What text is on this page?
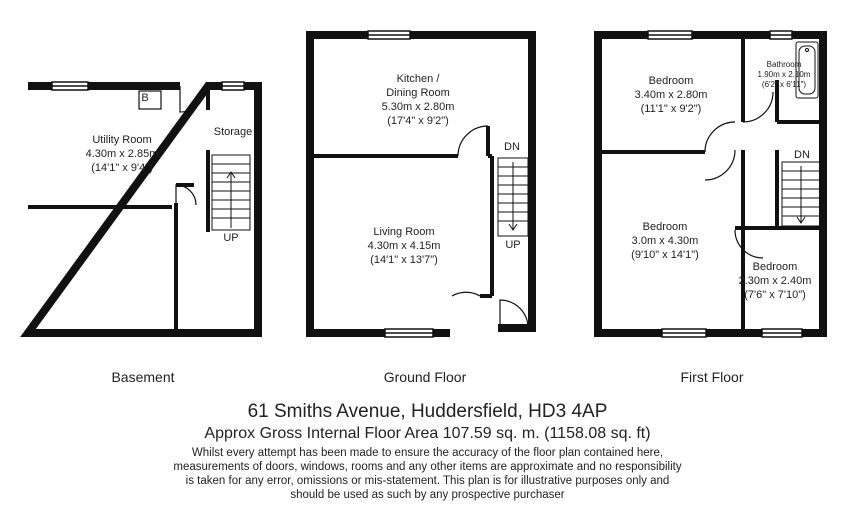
B
Utility Room
4.30m x 2.85m
(14'1" x 9'4")
Storage
UP
Basement
Kitchen /
Dining Room
5.30m x 2.80m
(17'4" x 9'2")
Living Room
4.30m x 4.15m
(14'1" x 13'7")
DN
UP
Ground Floor
Bedroom
3.40m x 2.80m
(11'1" x 9'2")
Bathroom
1.90m x 2.10m
(6'2" x 6'11")
Bedroom
3.0m x 4.30m
(9'10" x 14'1")
Bedroom
2.30m x 2.40m
(7'6" x 7'10")
DN
First Floor
61 Smiths Avenue, Huddersfield, HD3 4AP
Approx Gross Internal Floor Area 107.59 sq. m. (1158.08 sq. ft)
Whilst every attempt has been made to ensure the accuracy of the floor plan contained here, measurements of doors, windows, rooms and any other items are approximate and no responsibility is taken for any error, omissions or mis-statement. This plan is for illustrative purposes only and should be used as such by any prospective purchaser
